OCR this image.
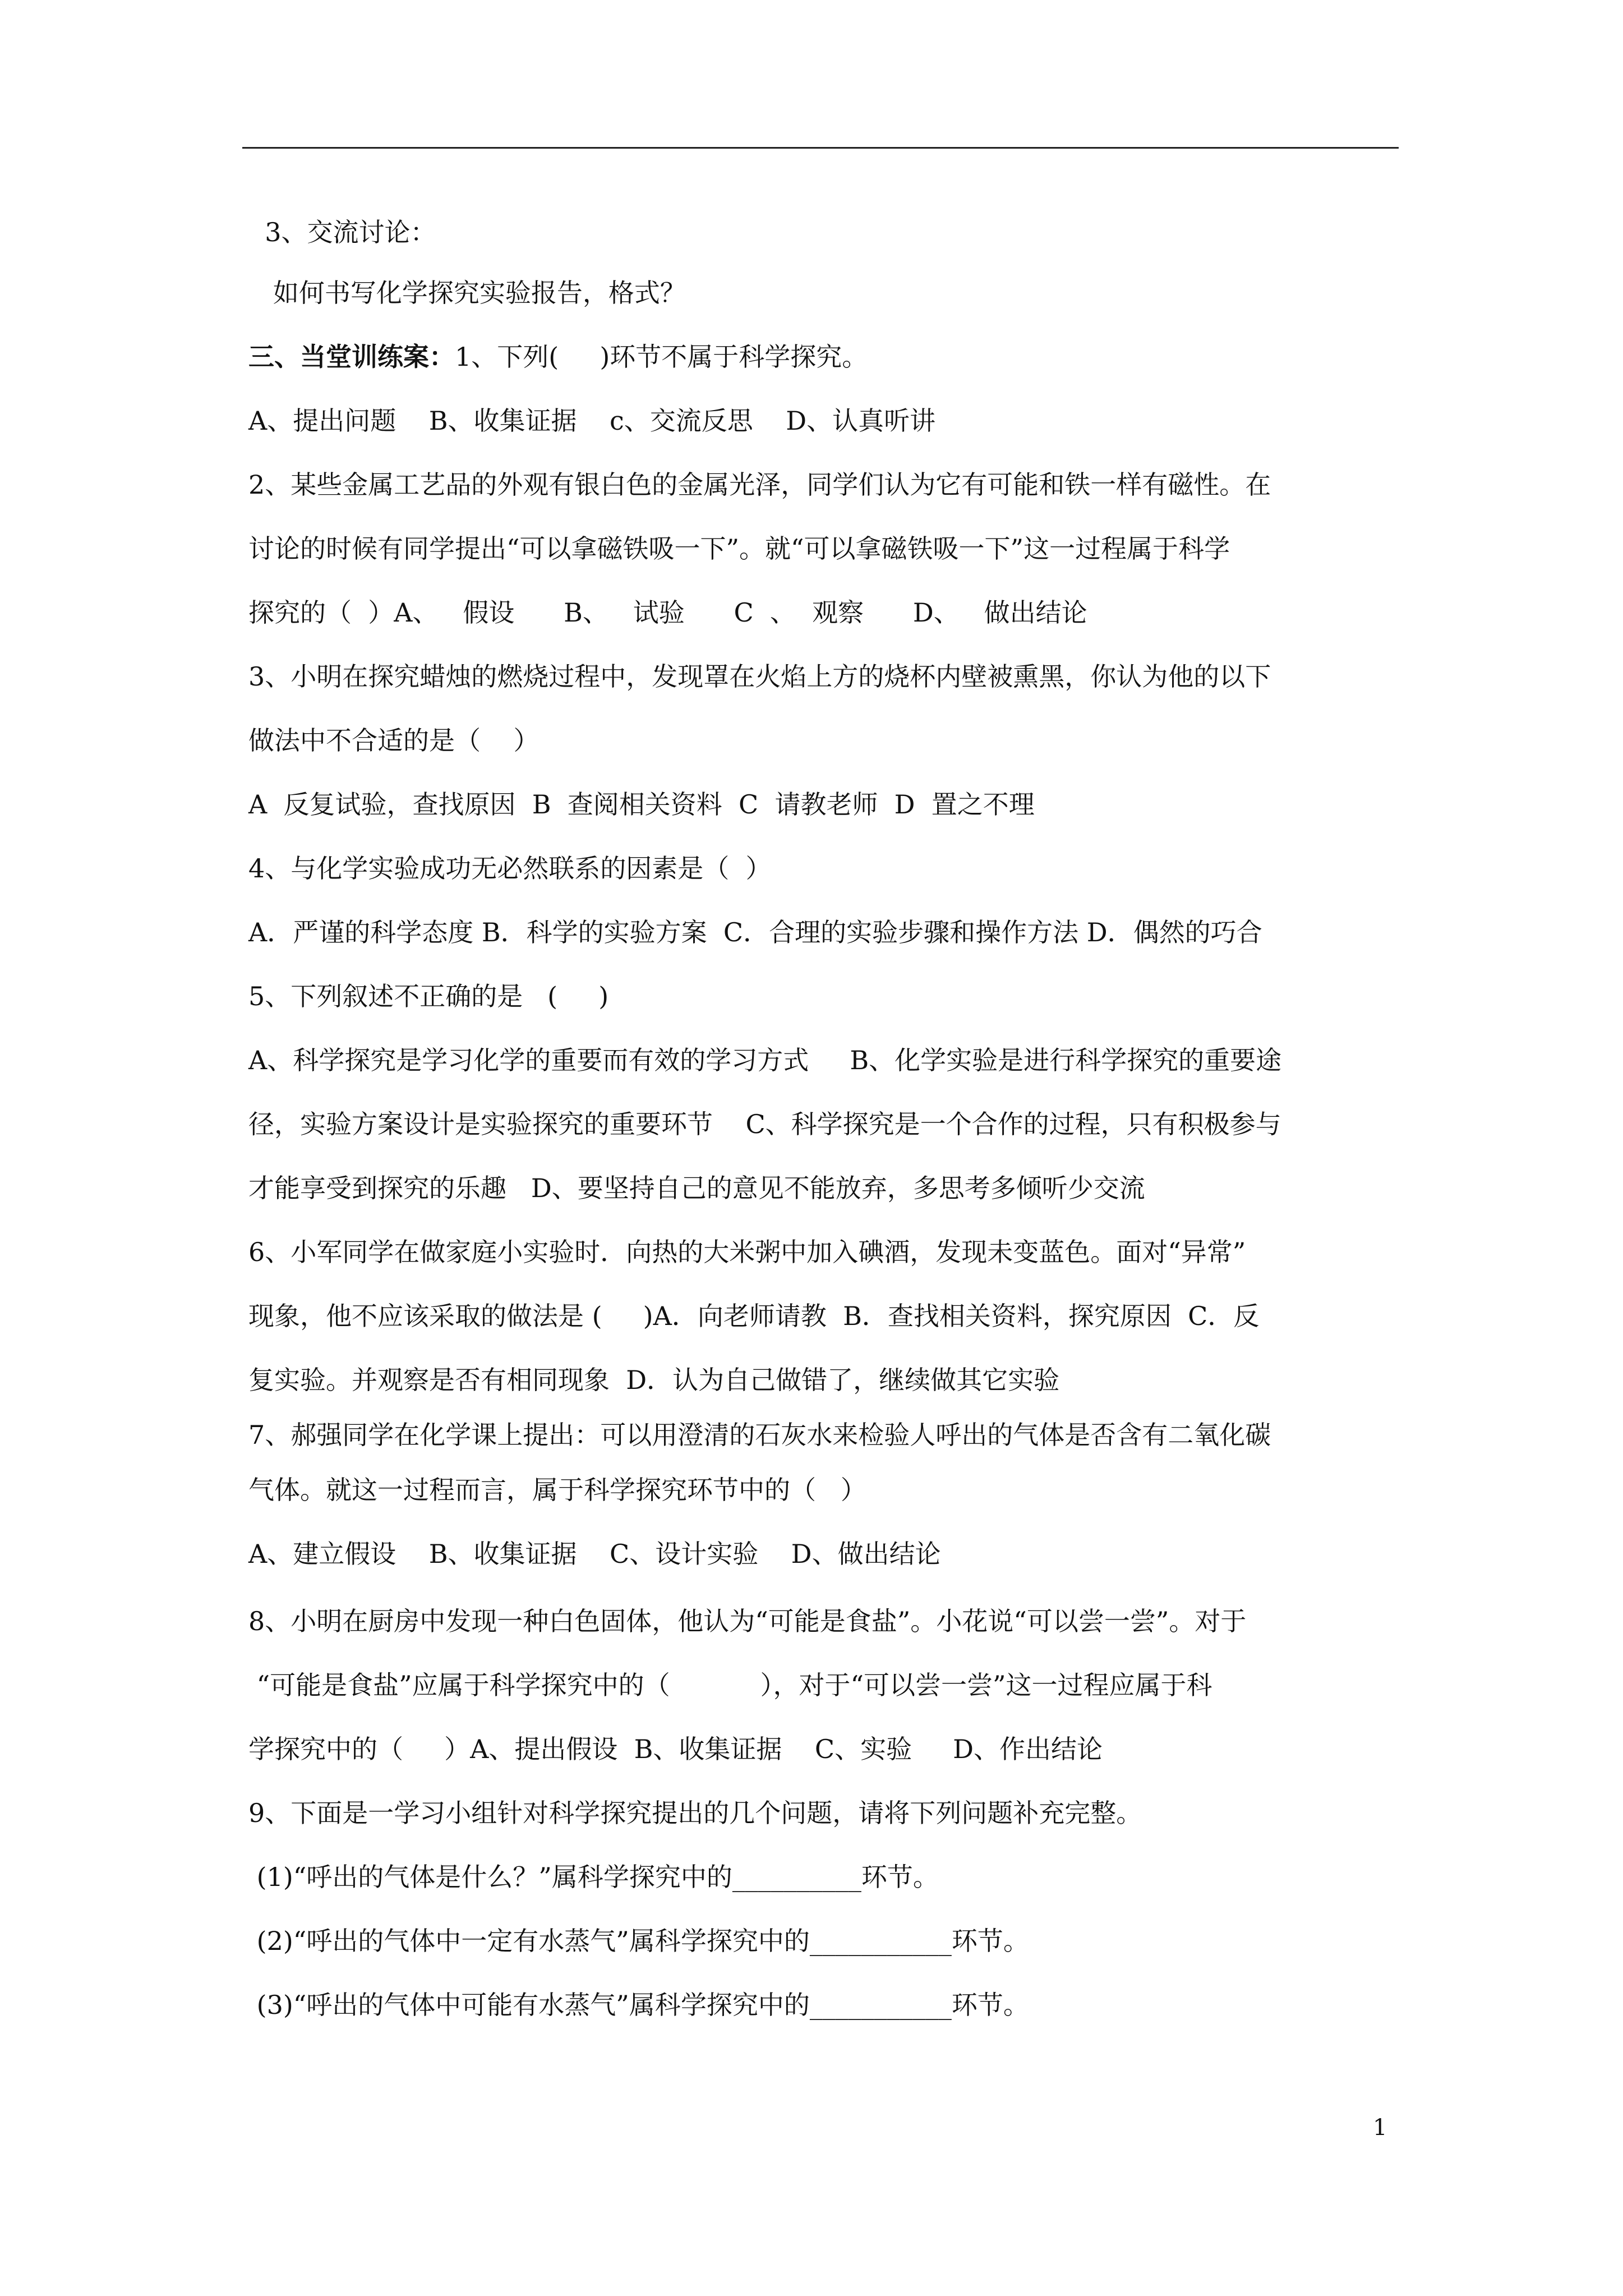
3、交流讨论：
如何书写化学探究实验报告，格式？
三、当堂训练案：1、下列(     )环节不属于科学探究。
A、提出问题    B、收集证据    c、交流反思    D、认真听讲
2、某些金属工艺品的外观有银白色的金属光泽，同学们认为它有可能和铁一样有磁性。在
讨论的时候有同学提出“可以拿磁铁吸一下”。就“可以拿磁铁吸一下”这一过程属于科学
探究的（  ）A、   假设      B、   试验      C  、  观察      D、   做出结论
3、小明在探究蜡烛的燃烧过程中，发现罩在火焰上方的烧杯内壁被熏黑，你认为他的以下
做法中不合适的是（    ）
A  反复试验，查找原因  B  查阅相关资料  C  请教老师  D  置之不理
4、与化学实验成功无必然联系的因素是（  ）
A．严谨的科学态度 B．科学的实验方案  C．合理的实验步骤和操作方法 D．偶然的巧合
5、下列叙述不正确的是   (     )
A、科学探究是学习化学的重要而有效的学习方式     B、化学实验是进行科学探究的重要途
径，实验方案设计是实验探究的重要环节    C、科学探究是一个合作的过程，只有积极参与
才能享受到探究的乐趣   D、要坚持自己的意见不能放弃，多思考多倾听少交流
6、小军同学在做家庭小实验时．向热的大米粥中加入碘酒，发现未变蓝色。面对“异常”
现象，他不应该采取的做法是 (     )A．向老师请教  B．查找相关资料，探究原因  C．反
复实验。并观察是否有相同现象  D．认为自己做错了，继续做其它实验
7、郝强同学在化学课上提出：可以用澄清的石灰水来检验人呼出的气体是否含有二氧化碳
气体。就这一过程而言，属于科学探究环节中的（   ）
A、建立假设    B、收集证据    C、设计实验    D、做出结论
8、小明在厨房中发现一种白色固体，他认为“可能是食盐”。小花说“可以尝一尝”。对于
“可能是食盐”应属于科学探究中的（           ），对于“可以尝一尝”这一过程应属于科
学探究中的（     ）A、提出假设  B、收集证据    C、实验     D、作出结论
9、下面是一学习小组针对科学探究提出的几个问题，请将下列问题补充完整。
(1)“呼出的气体是什么？”属科学探究中的__________环节。
(2)“呼出的气体中一定有水蒸气”属科学探究中的___________环节。
(3)“呼出的气体中可能有水蒸气”属科学探究中的___________环节。
1
